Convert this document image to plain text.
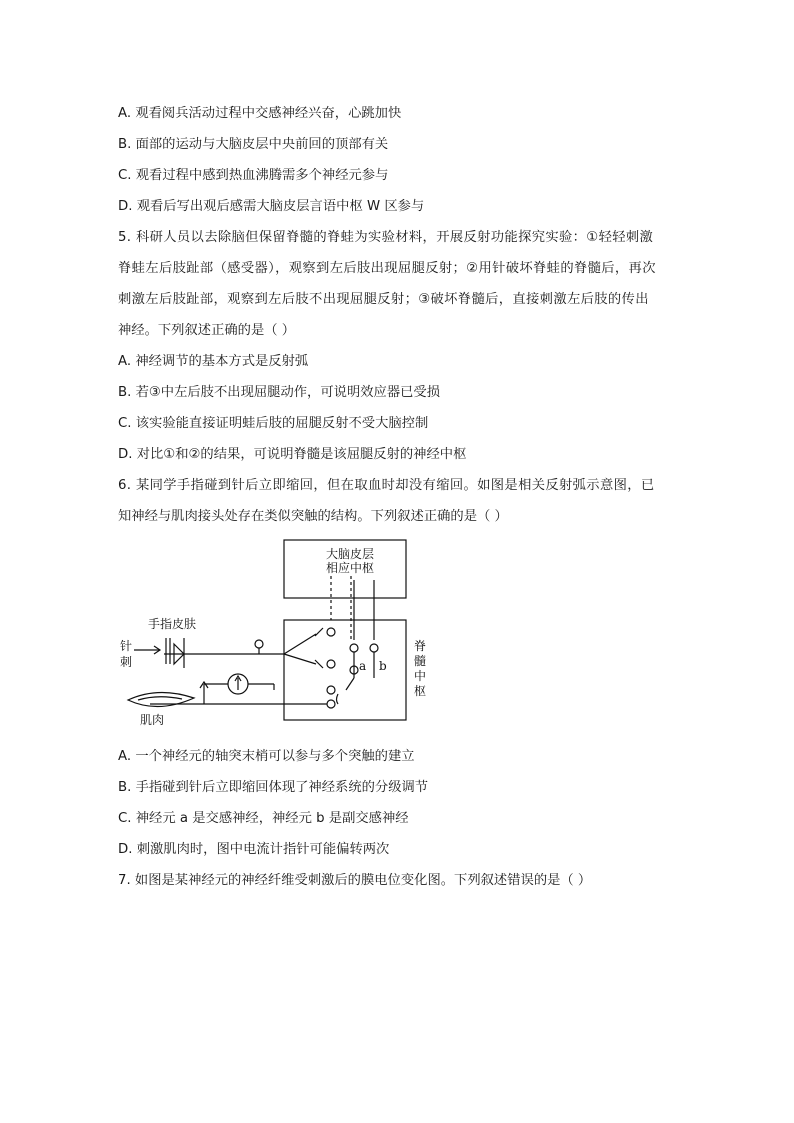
A. 观看阅兵活动过程中交感神经兴奋，心跳加快
B. 面部的运动与大脑皮层中央前回的顶部有关
C. 观看过程中感到热血沸腾需多个神经元参与
D. 观看后写出观后感需大脑皮层言语中枢 W 区参与
5. 科研人员以去除脑但保留脊髓的脊蛙为实验材料，开展反射功能探究实验：①轻轻刺激
脊蛙左后肢趾部（感受器），观察到左后肢出现屈腿反射；②用针破坏脊蛙的脊髓后，再次
刺激左后肢趾部，观察到左后肢不出现屈腿反射；③破坏脊髓后，直接刺激左后肢的传出
神经。下列叙述正确的是（ ）
A. 神经调节的基本方式是反射弧
B. 若③中左后肢不出现屈腿动作，可说明效应器已受损
C. 该实验能直接证明蛙后肢的屈腿反射不受大脑控制
D. 对比①和②的结果，可说明脊髓是该屈腿反射的神经中枢
6. 某同学手指碰到针后立即缩回，但在取血时却没有缩回。如图是相关反射弧示意图，已
知神经与肌肉接头处存在类似突触的结构。下列叙述正确的是（ ）
大脑皮层
相应中枢
脊
髓
中
枢
a b
手指皮肤
针
刺
肌肉
A. 一个神经元的轴突末梢可以参与多个突触的建立
B. 手指碰到针后立即缩回体现了神经系统的分级调节
C. 神经元 a 是交感神经，神经元 b 是副交感神经
D. 刺激肌肉时，图中电流计指针可能偏转两次
7. 如图是某神经元的神经纤维受刺激后的膜电位变化图。下列叙述错误的是（ ）
